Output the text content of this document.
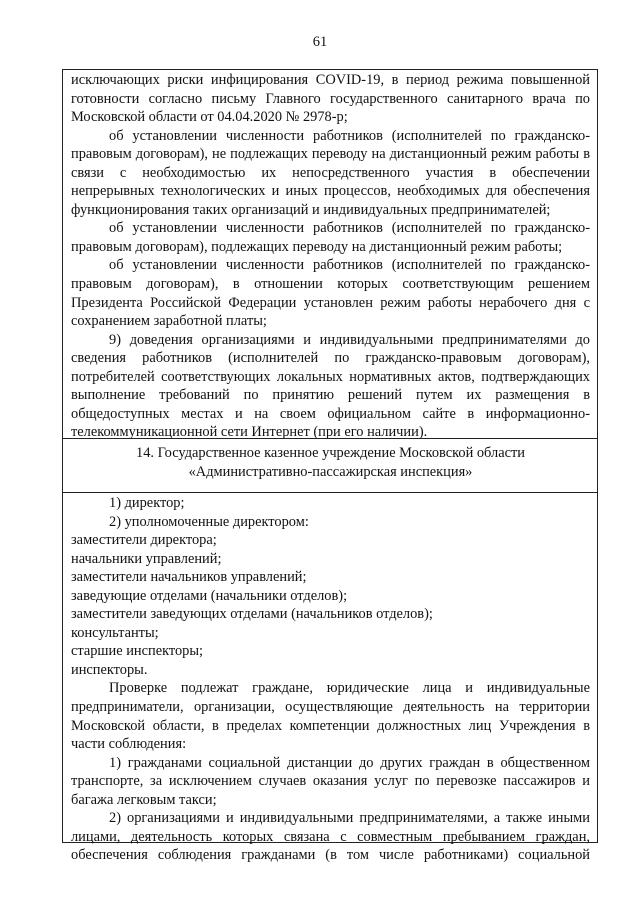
61

исключающих риски инфицирования COVID-19, в период режима повышенной готовности согласно письму Главного государственного санитарного врача по Московской области от 04.04.2020 № 2978-р;

об установлении численности работников (исполнителей по гражданско-правовым договорам), не подлежащих переводу на дистанционный режим работы в связи с необходимостью их непосредственного участия в обеспечении непрерывных технологических и иных процессов, необходимых для обеспечения функционирования таких организаций и индивидуальных предпринимателей;

об установлении численности работников (исполнителей по гражданско-правовым договорам), подлежащих переводу на дистанционный режим работы;

об установлении численности работников (исполнителей по гражданско-правовым договорам), в отношении которых соответствующим решением Президента Российской Федерации установлен режим работы нерабочего дня с сохранением заработной платы;

9) доведения организациями и индивидуальными предпринимателями до сведения работников (исполнителей по гражданско-правовым договорам), потребителей соответствующих локальных нормативных актов, подтверждающих выполнение требований по принятию решений путем их размещения в общедоступных местах и на своем официальном сайте в информационно-телекоммуникационной сети Интернет (при его наличии).

14. Государственное казенное учреждение Московской области

«Административно-пассажирская инспекция»

1) директор;

2) уполномоченные директором:

заместители директора;

начальники управлений;

заместители начальников управлений;

заведующие отделами (начальники отделов);

заместители заведующих отделами (начальников отделов);

консультанты;

старшие инспекторы;

инспекторы.

Проверке подлежат граждане, юридические лица и индивидуальные предприниматели, организации, осуществляющие деятельность на территории Московской области, в пределах компетенции должностных лиц Учреждения в части соблюдения:

1) гражданами социальной дистанции до других граждан в общественном транспорте, за исключением случаев оказания услуг по перевозке пассажиров и багажа легковым такси;

2) организациями и индивидуальными предпринимателями, а также иными лицами, деятельность которых связана с совместным пребыванием граждан, обеспечения соблюдения гражданами (в том числе работниками) социальной
